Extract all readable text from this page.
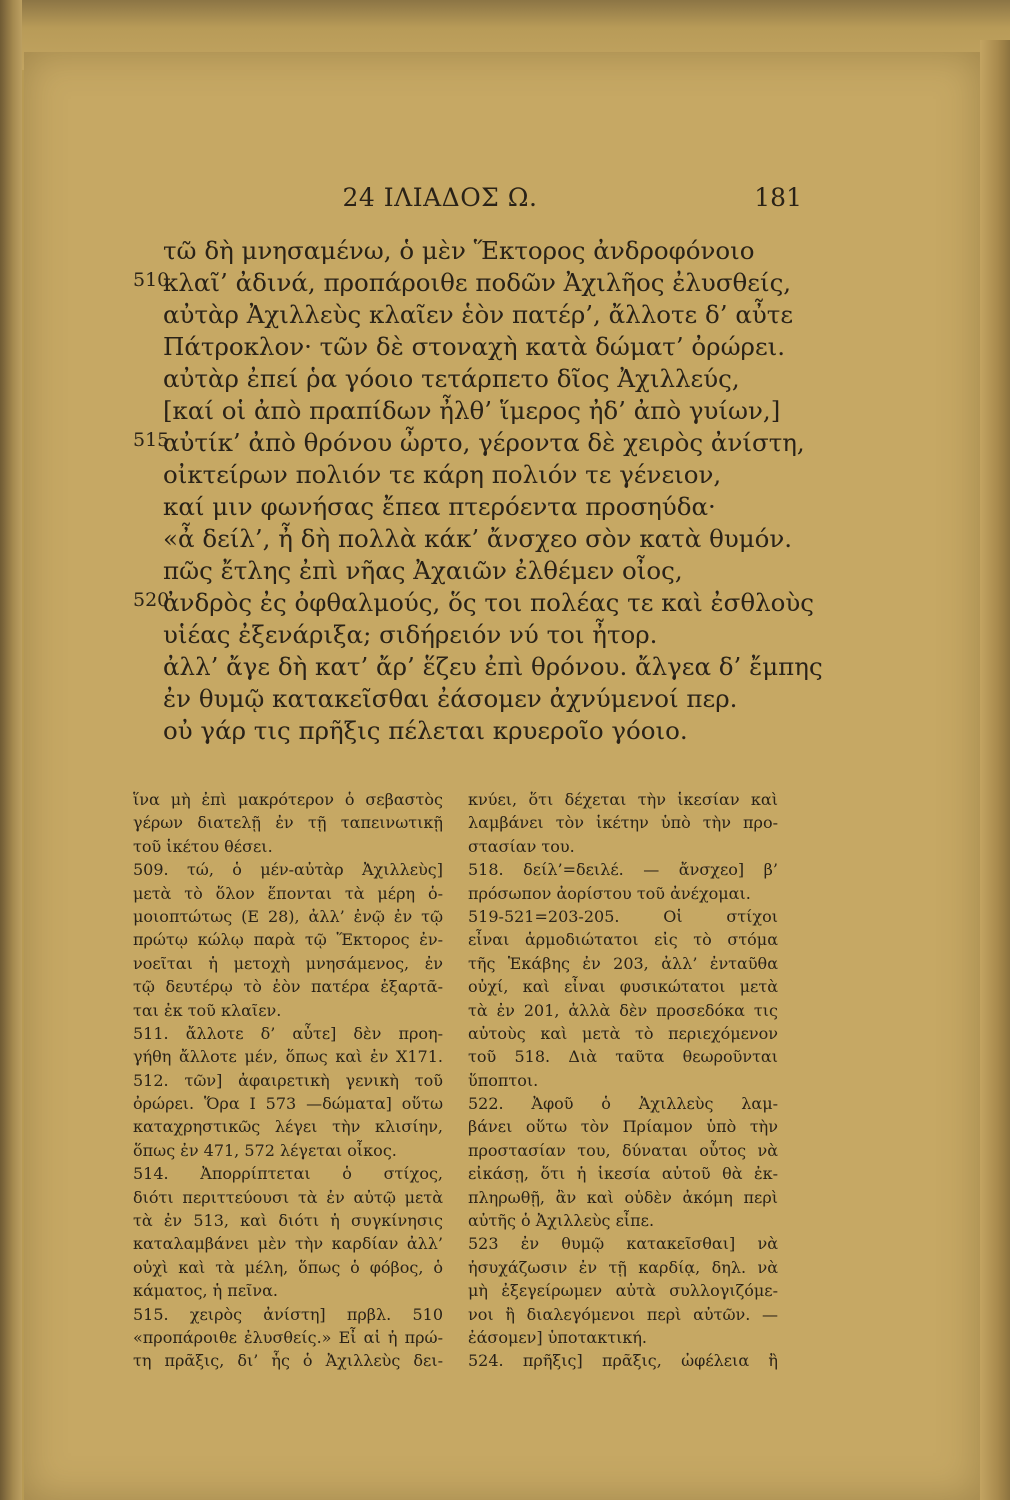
24 ΙΛΙΑΔΟΣ Ω.	181
τῶ δὴ μνησαμένω, ὁ μὲν Ἕκτορος ἀνδροφόνοιο
510
κλαῖ’ ἀδινά, προπάροιθε ποδῶν Ἀχιλῆος ἐλυσθείς,
αὐτὰρ Ἀχιλλεὺς κλαῖεν ἑὸν πατέρ’, ἄλλοτε δ’ αὖτε
Πάτροκλον· τῶν δὲ στοναχὴ κατὰ δώματ’ ὀρώρει.
αὐτὰρ ἐπεί ῥα γόοιο τετάρπετο δῖος Ἀχιλλεύς,
[καί οἱ ἀπὸ πραπίδων ἦλθ’ ἵμερος ἠδ’ ἀπὸ γυίων,]
515
αὐτίκ’ ἀπὸ θρόνου ὦρτο, γέροντα δὲ χειρὸς ἀνίστη,
οἰκτείρων πολιόν τε κάρη πολιόν τε γένειον,
καί μιν φωνήσας ἔπεα πτερόεντα προσηύδα·
«ἆ δείλ’, ἦ δὴ πολλὰ κάκ’ ἄνσχεο σὸν κατὰ θυμόν.
πῶς ἔτλης ἐπὶ νῆας Ἀχαιῶν ἐλθέμεν οἶος,
520
ἀνδρὸς ἐς ὀφθαλμούς, ὅς τοι πολέας τε καὶ ἐσθλοὺς
υἱέας ἐξενάριξα; σιδήρειόν νύ τοι ἦτορ.
ἀλλ’ ἄγε δὴ κατ’ ἄρ’ ἕζευ ἐπὶ θρόνου. ἄλγεα δ’ ἔμπης
ἐν θυμῷ κατακεῖσθαι ἐάσομεν ἀχνύμενοί περ.
οὐ γάρ τις πρῆξις πέλεται κρυεροῖο γόοιο.
ἵνα μὴ ἐπὶ μακρότερον ὁ σεβαστὸς
γέρων διατελῇ ἐν τῇ ταπεινωτικῇ
τοῦ ἱκέτου θέσει.
509. τώ, ὁ μέν-αὐτὰρ Ἀχιλλεὺς]
μετὰ τὸ ὅλον ἕπονται τὰ μέρη ὁ-
μοιοπτώτως (Ε 28), ἀλλ’ ἐνῷ ἐν τῷ
πρώτῳ κώλῳ παρὰ τῷ Ἕκτορος ἐν-
νοεῖται ἡ μετοχὴ μνησάμενος, ἐν
τῷ δευτέρῳ τὸ ἑὸν πατέρα ἐξαρτᾶ-
ται ἐκ τοῦ κλαῖεν.
511. ἄλλοτε δ’ αὖτε] δὲν προη-
γήθη ἄλλοτε μέν, ὅπως καὶ ἐν Χ171.
512. τῶν] ἀφαιρετικὴ γενικὴ τοῦ
ὀρώρει. Ὅρα Ι 573 —δώματα] οὕτω
καταχρηστικῶς λέγει τὴν κλισίην,
ὅπως ἐν 471, 572 λέγεται οἶκος.
514. Ἀπορρίπτεται ὁ στίχος,
διότι περιττεύουσι τὰ ἐν αὐτῷ μετὰ
τὰ ἐν 513, καὶ διότι ἡ συγκίνησις
καταλαμβάνει μὲν τὴν καρδίαν ἀλλ’
οὐχὶ καὶ τὰ μέλη, ὅπως ὁ φόβος, ὁ
κάματος, ἡ πεῖνα.
515. χειρὸς ἀνίστη] πρβλ. 510
«προπάροιθε ἐλυσθείς.» Εἶ αἱ ἡ πρώ-
τη πρᾶξις, δι’ ἧς ὁ Ἀχιλλεὺς δει-
κνύει, ὅτι δέχεται τὴν ἱκεσίαν καὶ
λαμβάνει τὸν ἱκέτην ὑπὸ τὴν προ-
στασίαν του.
518. δείλ’=δειλέ. — ἄνσχεο] β’
πρόσωπον ἀορίστου τοῦ ἀνέχομαι.
519-521=203-205. Οἱ στίχοι
εἶναι ἁρμοδιώτατοι εἰς τὸ στόμα
τῆς Ἑκάβης ἐν 203, ἀλλ’ ἐνταῦθα
οὐχί, καὶ εἶναι φυσικώτατοι μετὰ
τὰ ἐν 201, ἀλλὰ δὲν προσεδόκα τις
αὐτοὺς καὶ μετὰ τὸ περιεχόμενον
τοῦ 518. Διὰ ταῦτα θεωροῦνται
ὕποπτοι.
522. Ἀφοῦ ὁ Ἀχιλλεὺς λαμ-
βάνει οὕτω τὸν Πρίαμον ὑπὸ τὴν
προστασίαν του, δύναται οὗτος νὰ
εἰκάσῃ, ὅτι ἡ ἱκεσία αὐτοῦ θὰ ἐκ-
πληρωθῇ, ἂν καὶ οὐδὲν ἀκόμη περὶ
αὐτῆς ὁ Ἀχιλλεὺς εἶπε.
523 ἐν θυμῷ κατακεῖσθαι] νὰ
ἡσυχάζωσιν ἐν τῇ καρδίᾳ, δηλ. νὰ
μὴ ἐξεγείρωμεν αὐτὰ συλλογιζόμε-
νοι ἢ διαλεγόμενοι περὶ αὐτῶν. —
ἐάσομεν] ὑποτακτική.
524. πρῆξις] πρᾶξις, ὠφέλεια ἢ
